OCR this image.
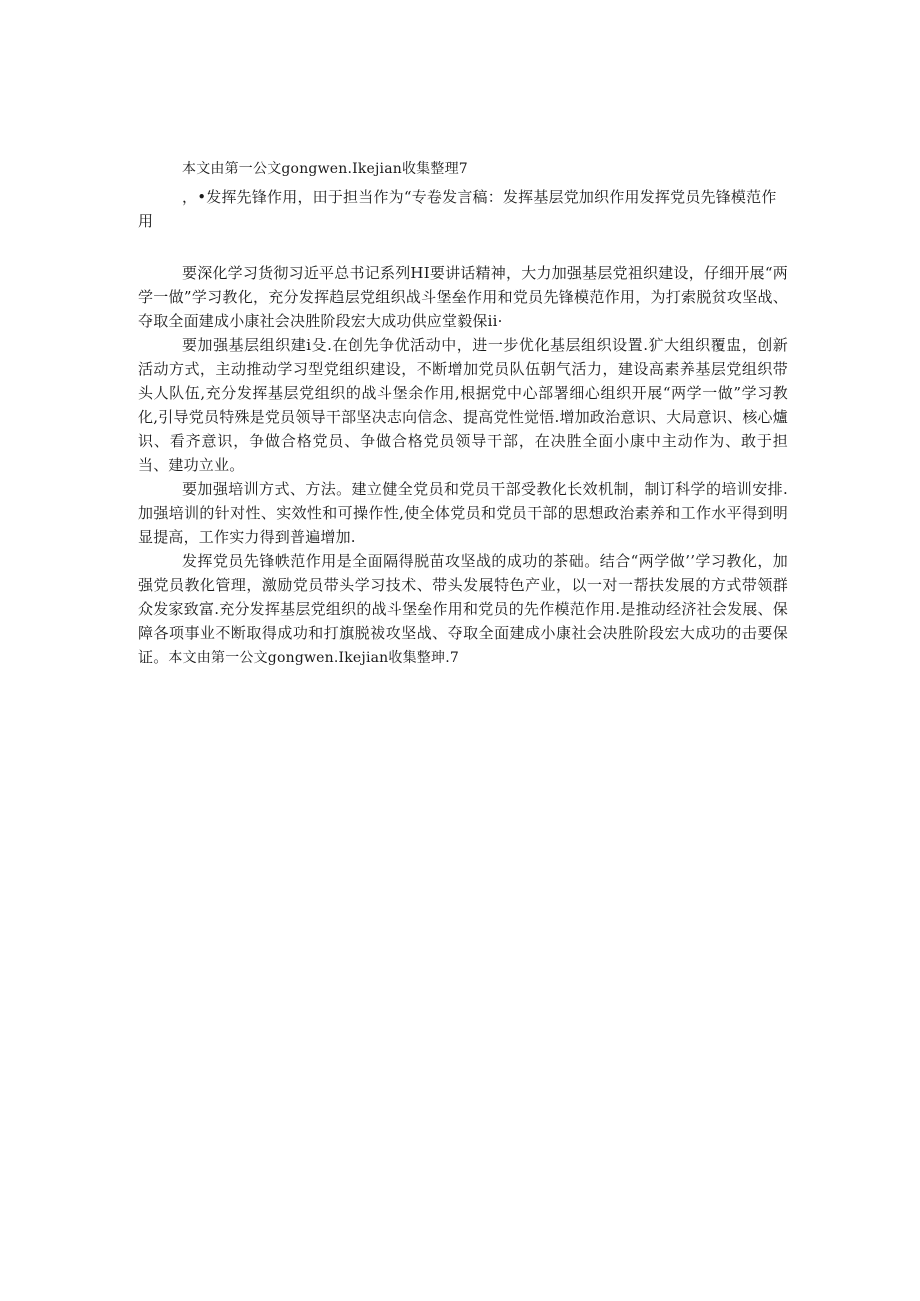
本文由第一公文gongwen.Ikejian收集整理7

，•发挥先锋作用，田于担当作为“专卷发言稿：发挥基层党加织作用发挥党员先锋模范作用

要深化学习货彻习近平总书记系列HI要讲话精神，大力加强基层党祖织建设，仔细开展“两学一做”学习教化，充分发挥趋层党组织战斗堡垒作用和党员先锋模范作用，为打索脱贫攻坚战、夺取全面建成小康社会决胜阶段宏大成功供应堂毅保ii·

要加强基层组织建i殳.在创先争优活动中，进一步优化基层组织设置.犷大组织覆盅，创新活动方式，主动推动学习型党组织建设，不断增加党员队伍朝气活力，建设高素养基层党组织带头人队伍,充分发挥基层党组织的战斗堡余作用,根据党中心部署细心组织开展“两学一做”学习教化,引导党员特殊是党员领导干部坚决志向信念、提高党性觉悟.增加政治意识、大局意识、核心爐识、看齐意识，争做合格党员、争做合格党员领导干部，在决胜全面小康中主动作为、敢于担当、建功立业。

要加强培训方式、方法。建立健全党员和党员干部受教化长效机制，制订科学的培训安排.加强培训的针对性、实效性和可操作性,使全体党员和党员干部的思想政治素养和工作水平得到明显提高，工作实力得到普遍增加.

发挥党员先锋帙范作用是全面隔得脱苗攻坚战的成功的茶础。结合“两学做’’学习教化，加强党员教化管理，激励党员带头学习技术、带头发展特色产业，以一对一帮扶发展的方式带领群众发家致富.充分发挥基层党组织的战斗堡垒作用和党员的先作模范作用.是推动经济社会发展、保障各项事业不断取得成功和打旗脱祓攻坚战、夺取全面建成小康社会决胜阶段宏大成功的击要保证。本文由第一公文gongwen.Ikejian收集整珅.7
